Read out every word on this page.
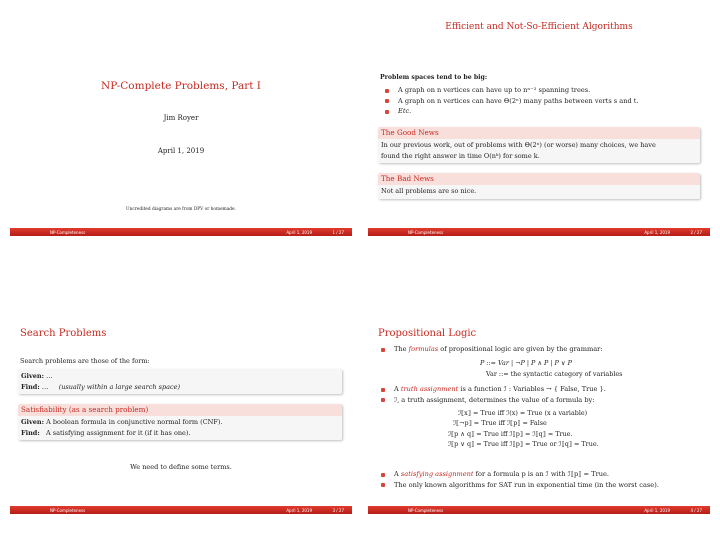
NP-Complete Problems, Part I
Jim Royer
April 1, 2019
Uncredited diagrams are from DPV or homemade.
NP-Completeness	April 1, 2019	1 / 27
Efficient and Not-So-Efficient Algorithms
Problem spaces tend to be big:
A graph on n vertices can have up to nⁿ⁻² spanning trees.
A graph on n vertices can have Θ(2ⁿ) many paths between verts s and t.
Etc.
The Good News
In our previous work, out of problems with Θ(2ⁿ) (or worse) many choices, we have
found the right answer in time O(nᵏ) for some k.
The Bad News
Not all problems are so nice.
NP-Completeness	April 1, 2019	2 / 27
Search Problems
Search problems are those of the form:
Given: …
Find: … (usually within a large search space)
Satisfiability (as a search problem)
Given: A boolean formula in conjunctive normal form (CNF).
Find: A satisfying assignment for it (if it has one).
We need to define some terms.
NP-Completeness	April 1, 2019	3 / 27
Propositional Logic
The formulas of propositional logic are given by the grammar:
P ::= Var | ¬P | P ∧ P | P ∨ P
Var ::= the syntactic category of variables
A truth assignment is a function ℐ : Variables → { False, True }.
ℐ, a truth assignment, determines the value of a formula by:
ℐ⟦x⟧ = True iff ℐ(x) = True (x a variable)
ℐ⟦¬p⟧ = True iff ℐ⟦p⟧ = False
ℐ⟦p ∧ q⟧ = True iff ℐ⟦p⟧ = ℐ⟦q⟧ = True.
ℐ⟦p ∨ q⟧ = True iff ℐ⟦p⟧ = True or ℐ⟦q⟧ = True.
A satisfying assignment for a formula p is an ℐ with ℐ⟦p⟧ = True.
The only known algorithms for SAT run in exponential time (in the worst case).
NP-Completeness	April 1, 2019	4 / 27
